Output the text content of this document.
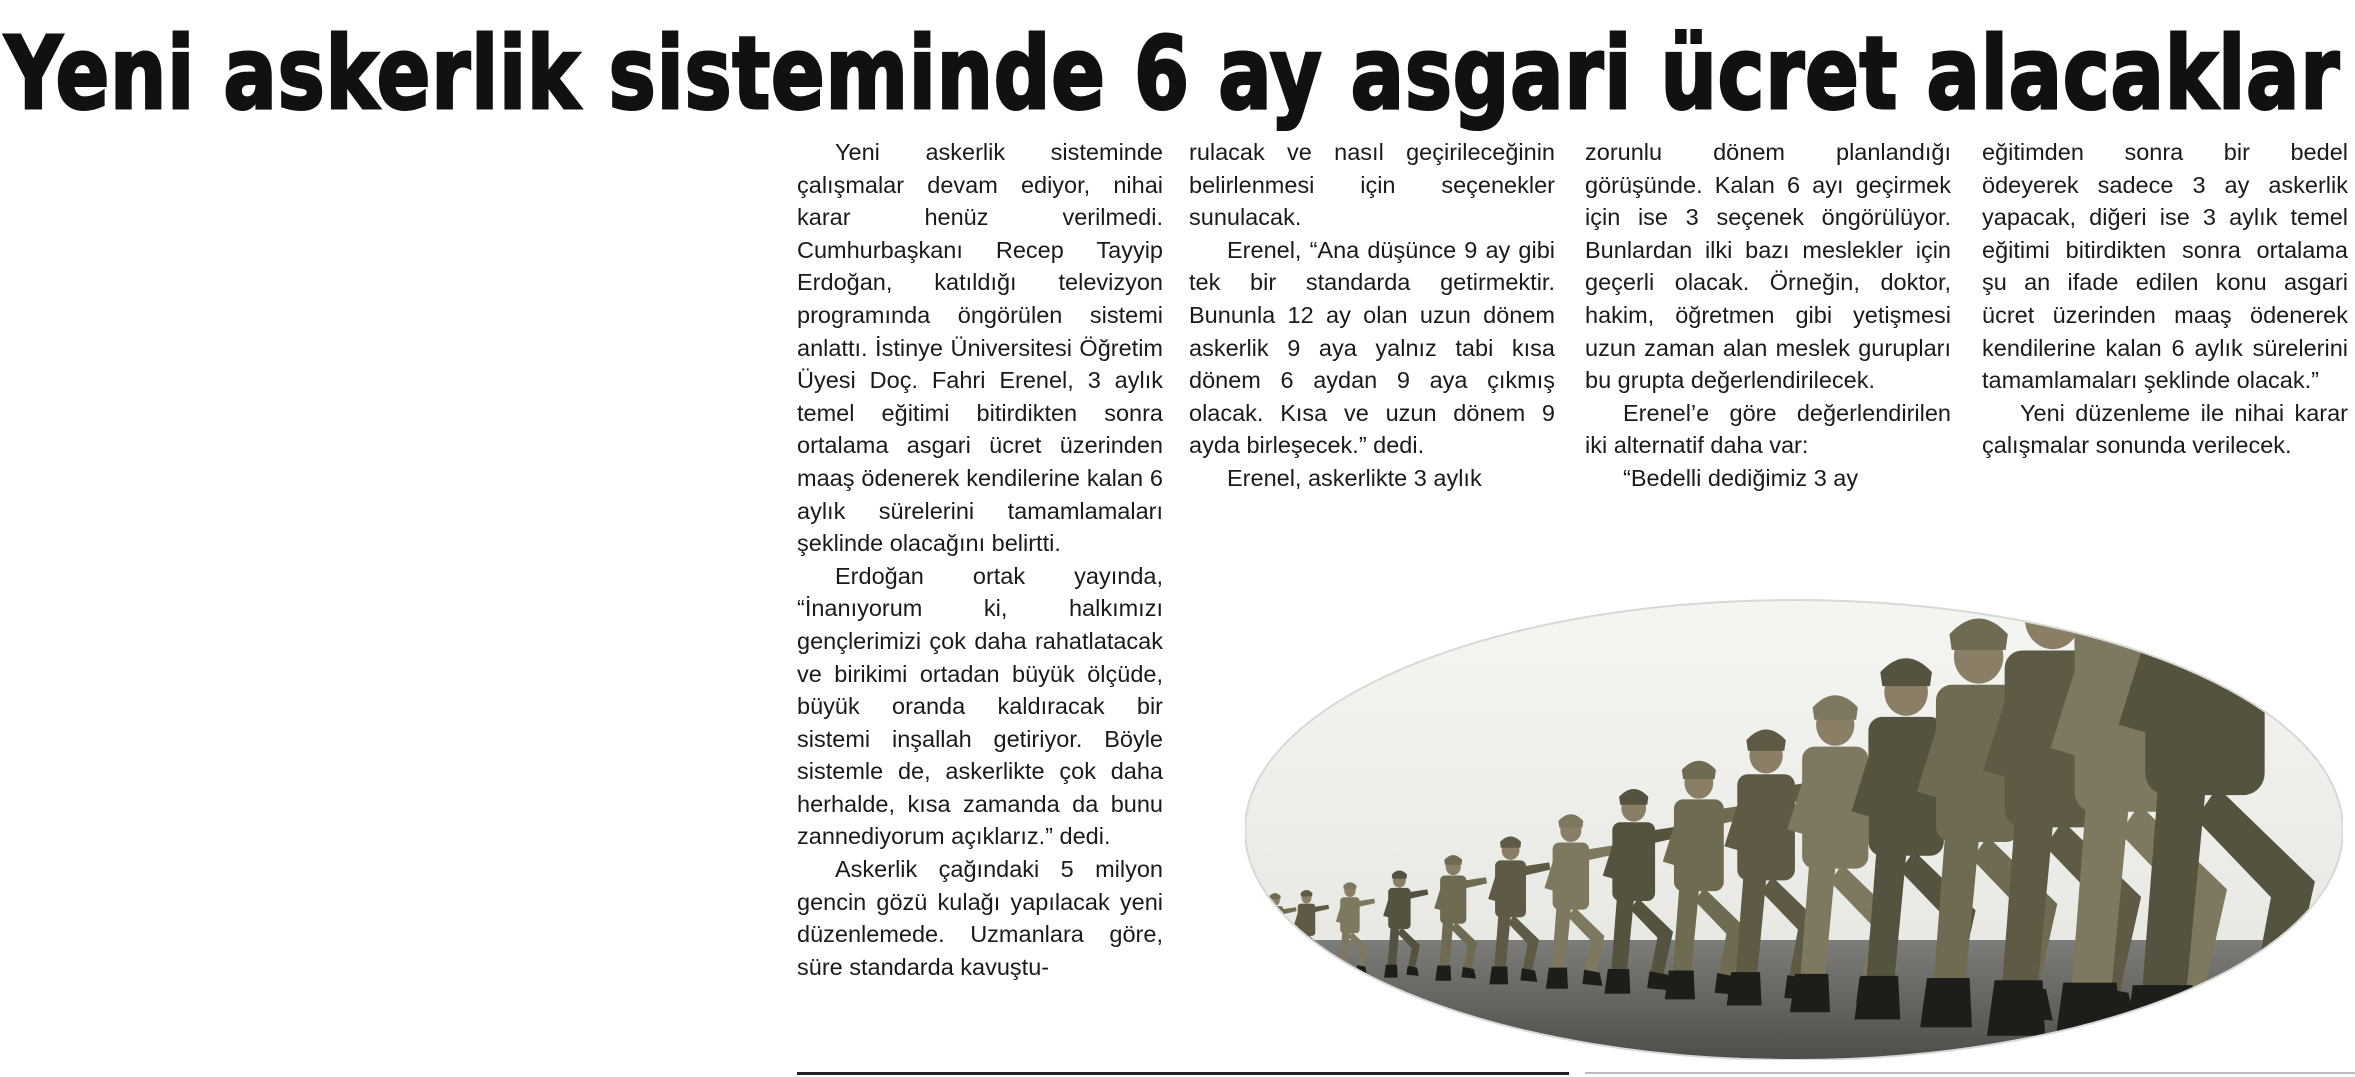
Yeni askerlik sisteminde 6 ay asgari ücret alacaklar

Yeni askerlik sisteminde çalışmalar devam ediyor, nihai karar henüz verilmedi. Cumhurbaşkanı Recep Tayyip Erdoğan, katıldığı televizyon programında öngörülen sistemi anlattı. İstinye Üniversitesi Öğretim Üyesi Doç. Fahri Erenel, 3 aylık temel eğitimi bitirdikten sonra ortalama asgari ücret üzerinden maaş ödenerek kendilerine kalan 6 aylık sürelerini tamamlamaları şeklinde olacağını belirtti.

Erdoğan ortak yayında, “İnanıyorum ki, halkımızı gençlerimizi çok daha rahatlatacak ve birikimi ortadan büyük ölçüde, büyük oranda kaldıracak bir sistemi inşallah getiriyor. Böyle sistemle de, askerlikte çok daha herhalde, kısa zamanda da bunu zannediyorum açıklarız.” dedi.

Askerlik çağındaki 5 milyon gencin gözü kulağı yapılacak yeni düzenlemede. Uzmanlara göre, süre standarda kavuştu-

rulacak ve nasıl geçirileceğinin belirlenmesi için seçenekler sunulacak.

Erenel, “Ana düşünce 9 ay gibi tek bir standarda getirmektir. Bununla 12 ay olan uzun dönem askerlik 9 aya yalnız tabi kısa dönem 6 aydan 9 aya çıkmış olacak. Kısa ve uzun dönem 9 ayda birleşecek.” dedi.

Erenel, askerlikte 3 aylık

zorunlu dönem planlandığı görüşünde. Kalan 6 ayı geçirmek için ise 3 seçenek öngörülüyor. Bunlardan ilki bazı meslekler için geçerli olacak. Örneğin, doktor, hakim, öğretmen gibi yetişmesi uzun zaman alan meslek gurupları bu grupta değerlendirilecek.

Erenel’e göre değerlendirilen iki alternatif daha var:

“Bedelli dediğimiz 3 ay

eğitimden sonra bir bedel ödeyerek sadece 3 ay askerlik yapacak, diğeri ise 3 aylık temel eğitimi bitirdikten sonra ortalama şu an ifade edilen konu asgari ücret üzerinden maaş ödenerek kendilerine kalan 6 aylık sürelerini tamamlamaları şeklinde olacak.”

Yeni düzenleme ile nihai karar çalışmalar sonunda verilecek.
